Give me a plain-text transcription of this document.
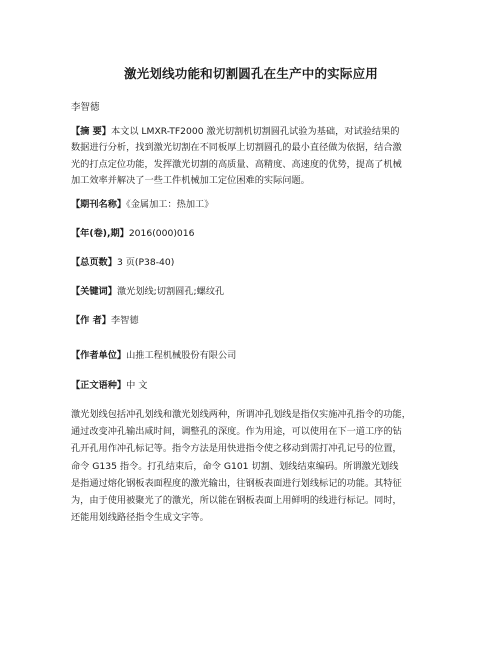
激光划线功能和切割圆孔在生产中的实际应用
李智德
【摘 要】本文以 LMXR-TF2000 激光切割机切割圆孔试验为基础，对试验结果的
数据进行分析，找到激光切割在不同板厚上切割圆孔的最小直径做为依据，结合激
光的打点定位功能，发挥激光切割的高质量、高精度、高速度的优势，提高了机械
加工效率并解决了一些工件机械加工定位困难的实际问题。
【期刊名称】《金属加工：热加工》
【年(卷),期】2016(000)016
【总页数】3 页(P38-40)
【关键词】激光划线;切割圆孔;螺纹孔
【作 者】李智德
【作者单位】山推工程机械股份有限公司
【正文语种】中 文
激光划线包括冲孔划线和激光划线两种，所谓冲孔划线是指仅实施冲孔指令的功能，
通过改变冲孔输出咸时间，调整孔的深度。作为用途，可以使用在下一道工序的钻
孔开孔用作冲孔标记等。指令方法是用快进指令使之移动到需打冲孔记号的位置，
命令 G135 指令。打孔结束后，命令 G101 切割、划线结束编码。所谓激光划线
是指通过熔化钢板表面程度的激光输出，往钢板表面进行划线标记的功能。其特征
为，由于使用被聚光了的激光，所以能在钢板表面上用鲜明的线进行标记。同时，
还能用划线路径指令生成文字等。
